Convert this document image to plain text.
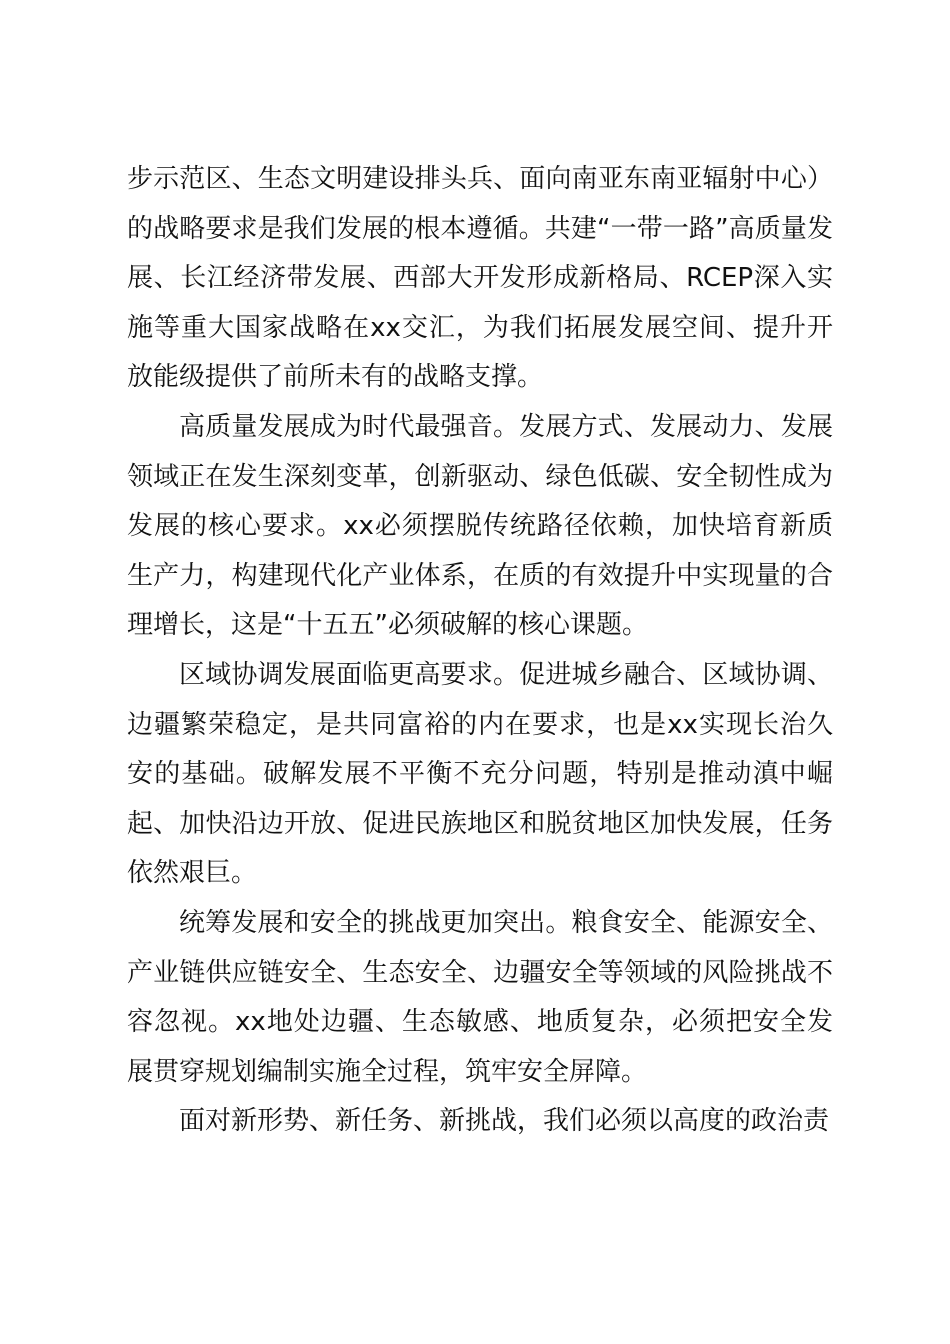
步示范区、生态文明建设排头兵、面向南亚东南亚辐射中心）的战略要求是我们发展的根本遵循。共建“一带一路”高质量发展、长江经济带发展、西部大开发形成新格局、RCEP深入实施等重大国家战略在xx交汇，为我们拓展发展空间、提升开放能级提供了前所未有的战略支撑。

高质量发展成为时代最强音。发展方式、发展动力、发展领域正在发生深刻变革，创新驱动、绿色低碳、安全韧性成为发展的核心要求。xx必须摆脱传统路径依赖，加快培育新质生产力，构建现代化产业体系，在质的有效提升中实现量的合理增长，这是“十五五”必须破解的核心课题。

区域协调发展面临更高要求。促进城乡融合、区域协调、边疆繁荣稳定，是共同富裕的内在要求，也是xx实现长治久安的基础。破解发展不平衡不充分问题，特别是推动滇中崛起、加快沿边开放、促进民族地区和脱贫地区加快发展，任务依然艰巨。

统筹发展和安全的挑战更加突出。粮食安全、能源安全、产业链供应链安全、生态安全、边疆安全等领域的风险挑战不容忽视。xx地处边疆、生态敏感、地质复杂，必须把安全发展贯穿规划编制实施全过程，筑牢安全屏障。

面对新形势、新任务、新挑战，我们必须以高度的政治责
